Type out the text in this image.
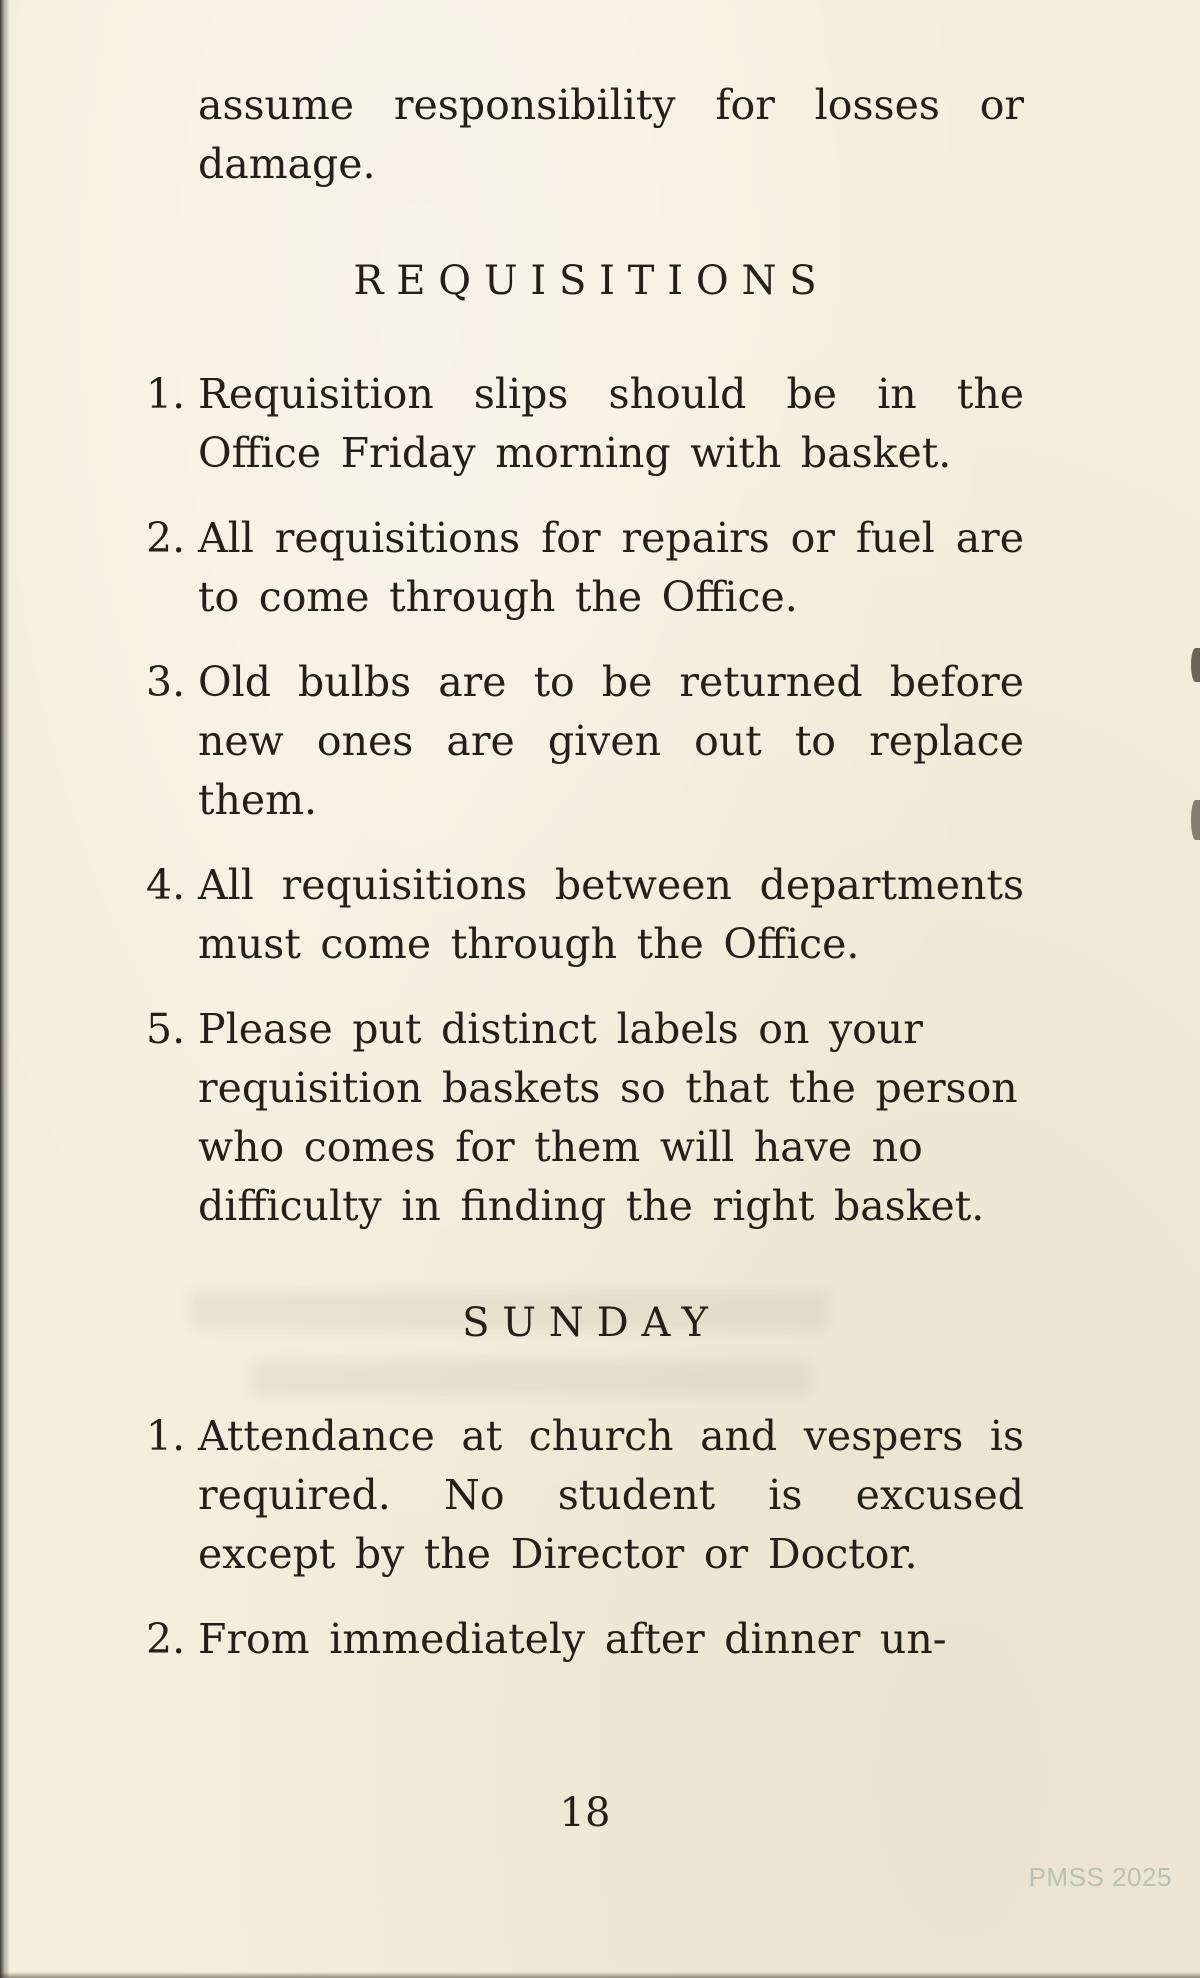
assume responsibility for losses or damage.

REQUISITIONS
1. Requisition slips should be in the Office Friday morning with basket.
2. All requisitions for repairs or fuel are to come through the Office.
3. Old bulbs are to be returned before new ones are given out to replace them.
4. All requisitions between departments must come through the Office.
5. Please put distinct labels on your requisition baskets so that the person who comes for them will have no difficulty in finding the right basket.
SUNDAY
1. Attendance at church and vespers is required. No student is excused except by the Director or Doctor.
2. From immediately after dinner un-
18
PMSS 2025
